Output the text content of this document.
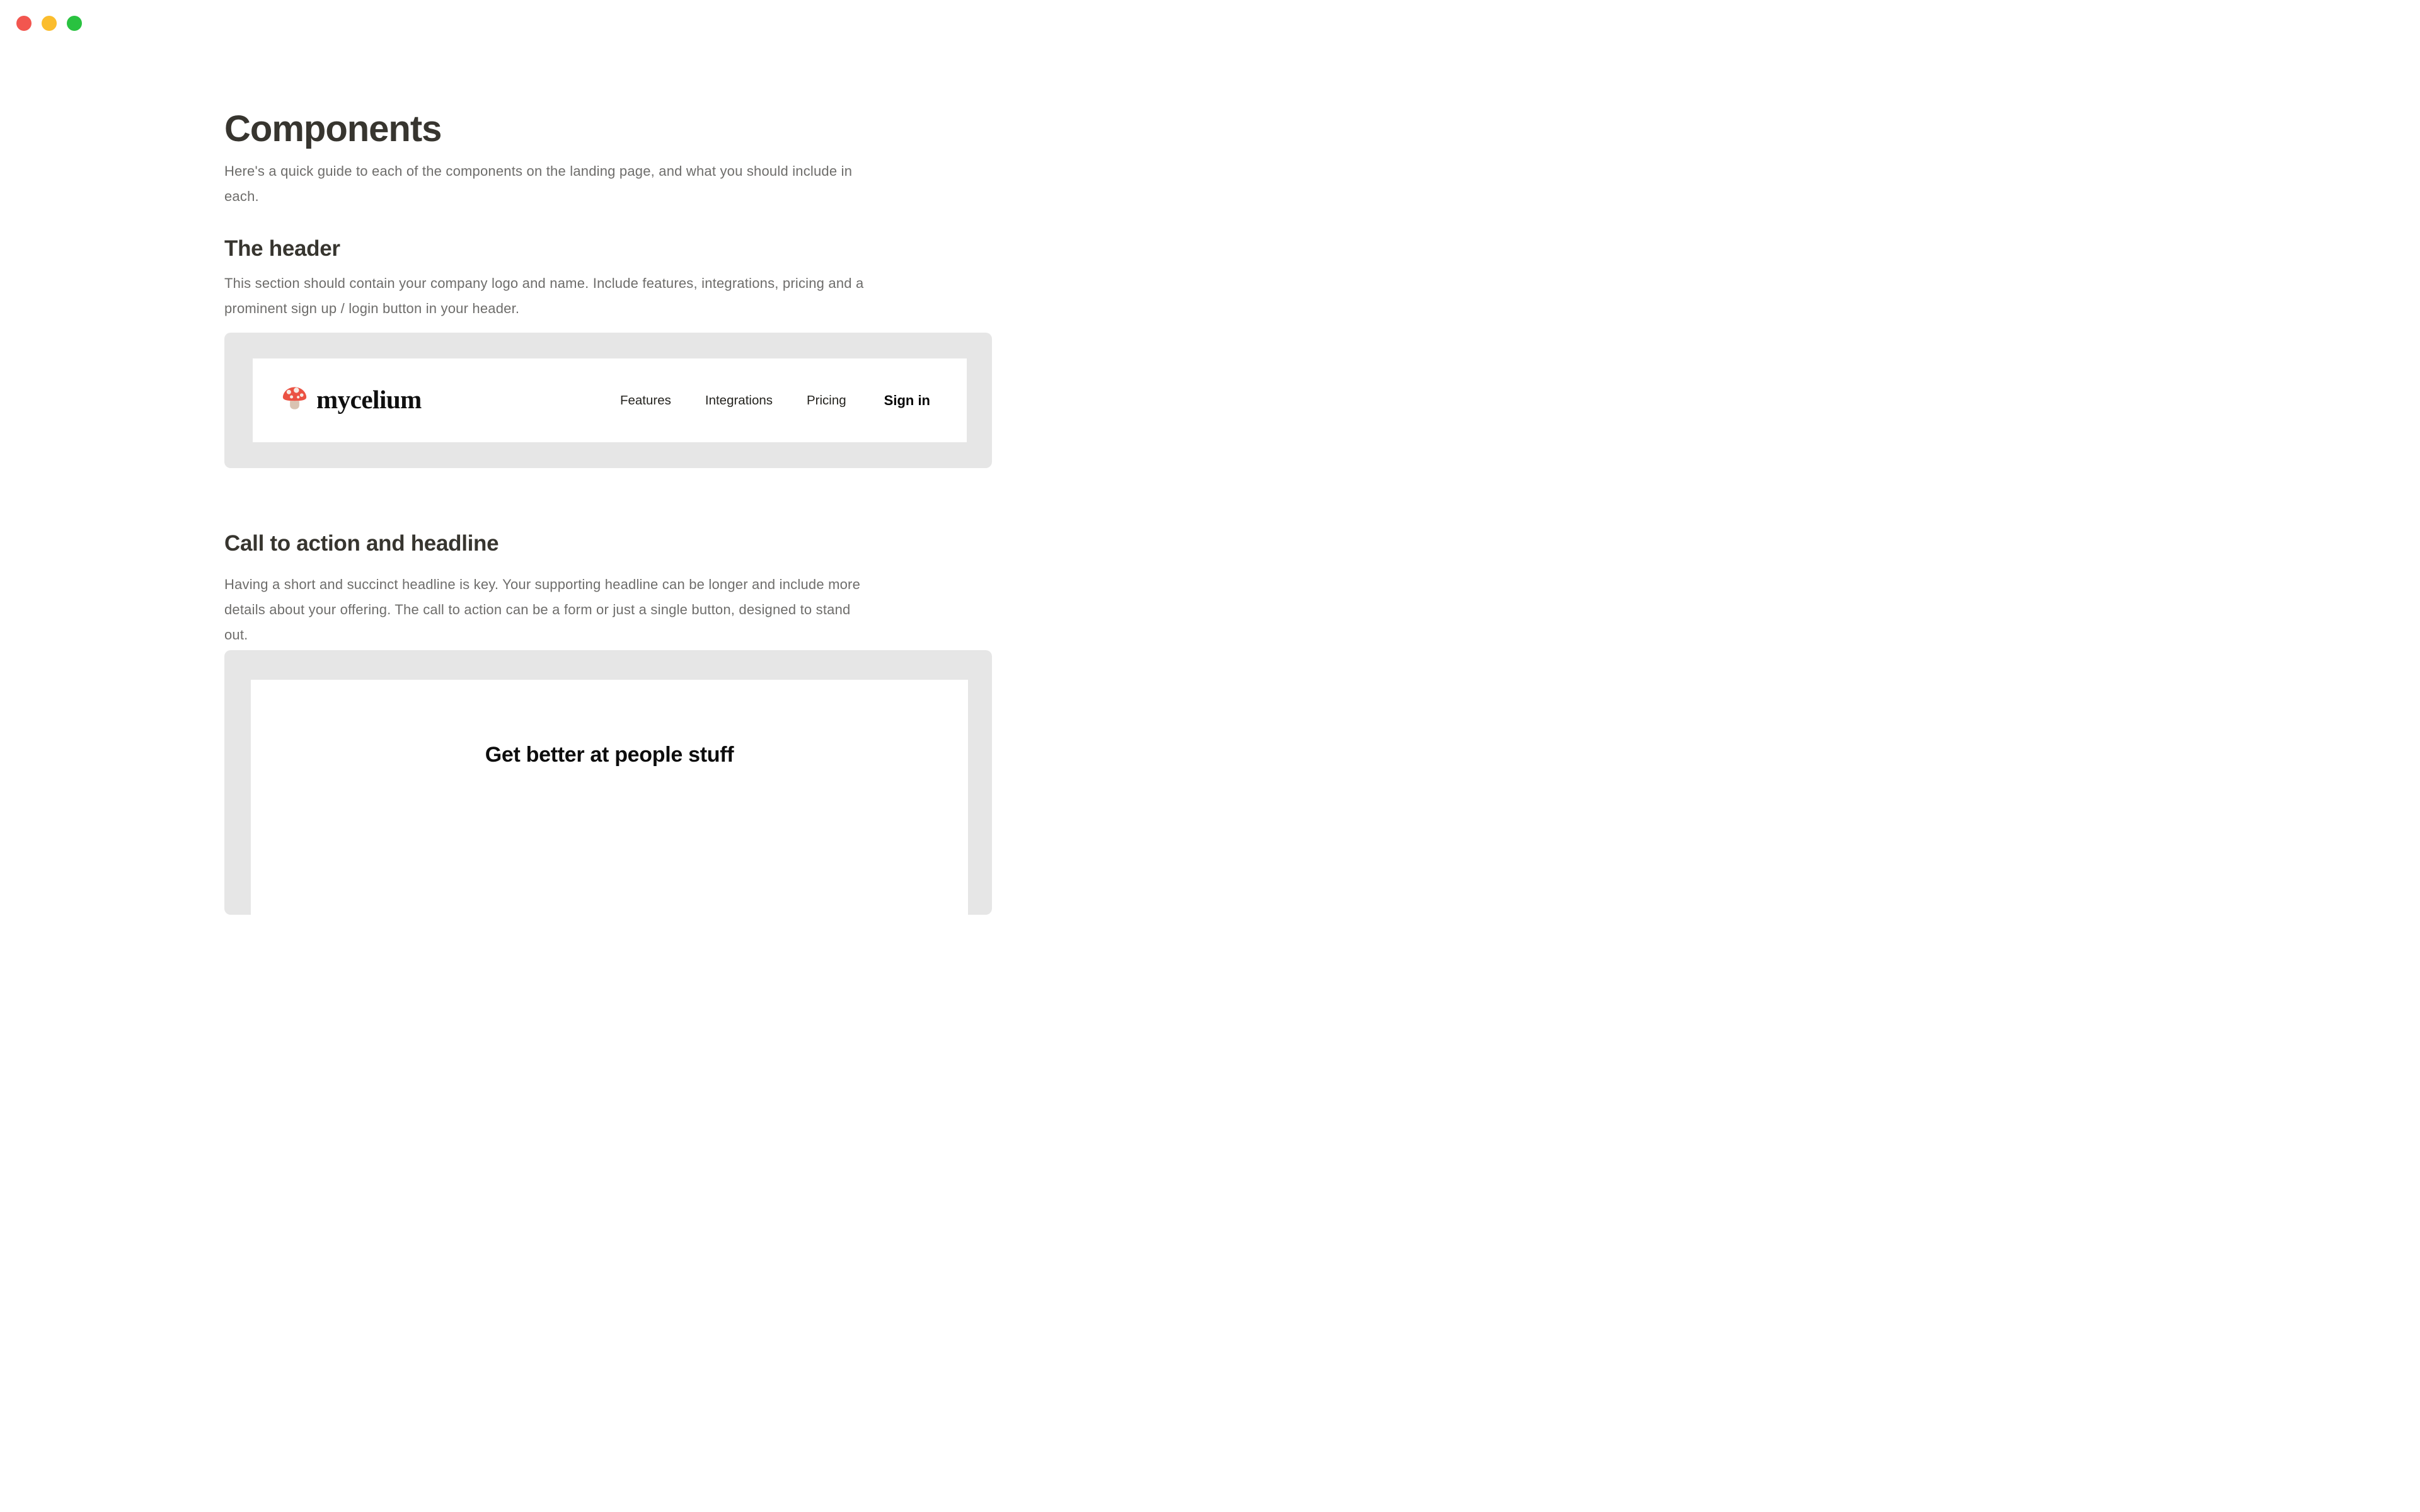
Components
Here's a quick guide to each of the components on the landing page, and what you should include in
each.
The header
This section should contain your company logo and name. Include features, integrations, pricing and a
prominent sign up / login button in your header.
mycelium	Features	Integrations	Pricing	Sign in
Call to action and headline
Having a short and succinct headline is key. Your supporting headline can be longer and include more
details about your offering. The call to action can be a form or just a single button, designed to stand
out.
Get better at people stuff
